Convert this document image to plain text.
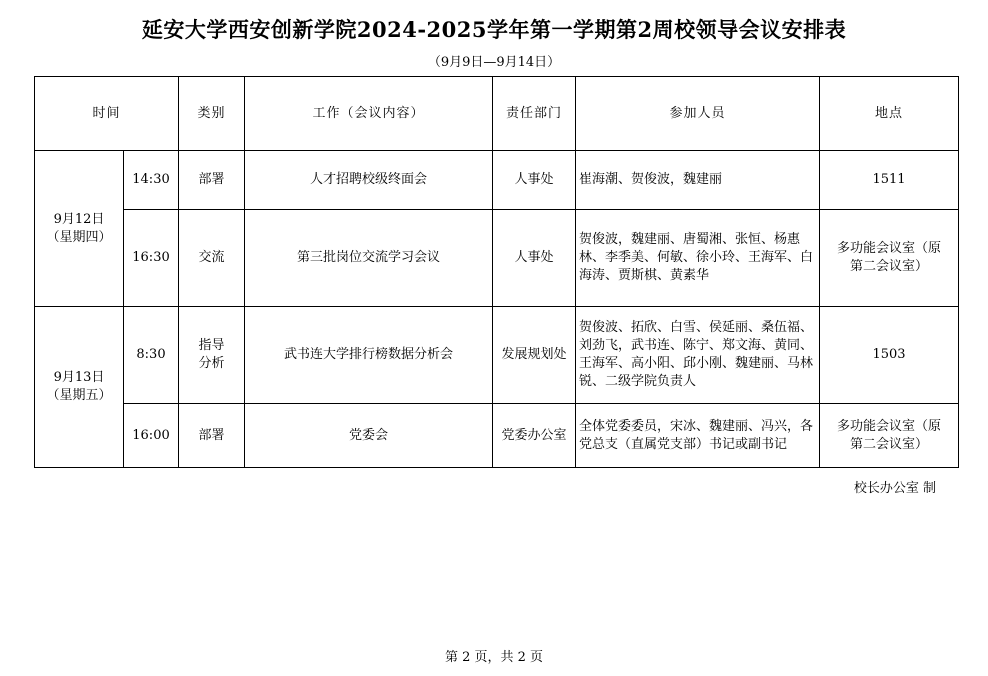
延安大学西安创新学院2024-2025学年第一学期第2周校领导会议安排表
（9月9日—9月14日）
时间		类别	工作（会议内容）	责任部门	参加人员	地点
9月12日
（星期四）	14:30	部署	人才招聘校级终面会	人事处	崔海潮、贺俊波，魏建丽	1511
	16:30	交流	第三批岗位交流学习会议	人事处	贺俊波，魏建丽、唐蜀湘、张恒、杨惠林、李季美、何敏、徐小玲、王海军、白海涛、贾斯棋、黄素华	多功能会议室（原第二会议室）
9月13日
（星期五）	8:30	指导分析	武书连大学排行榜数据分析会	发展规划处	贺俊波、拓欣、白雪、侯延丽、桑伍福、刘劲飞，武书连、陈宁、郑文海、黄同、王海军、高小阳、邱小刚、魏建丽、马林锐、二级学院负责人	1503
	16:00	部署	党委会	党委办公室	全体党委委员，宋冰、魏建丽、冯兴，各党总支（直属党支部）书记或副书记	多功能会议室（原第二会议室）
校长办公室 制
第 2 页，共 2 页
